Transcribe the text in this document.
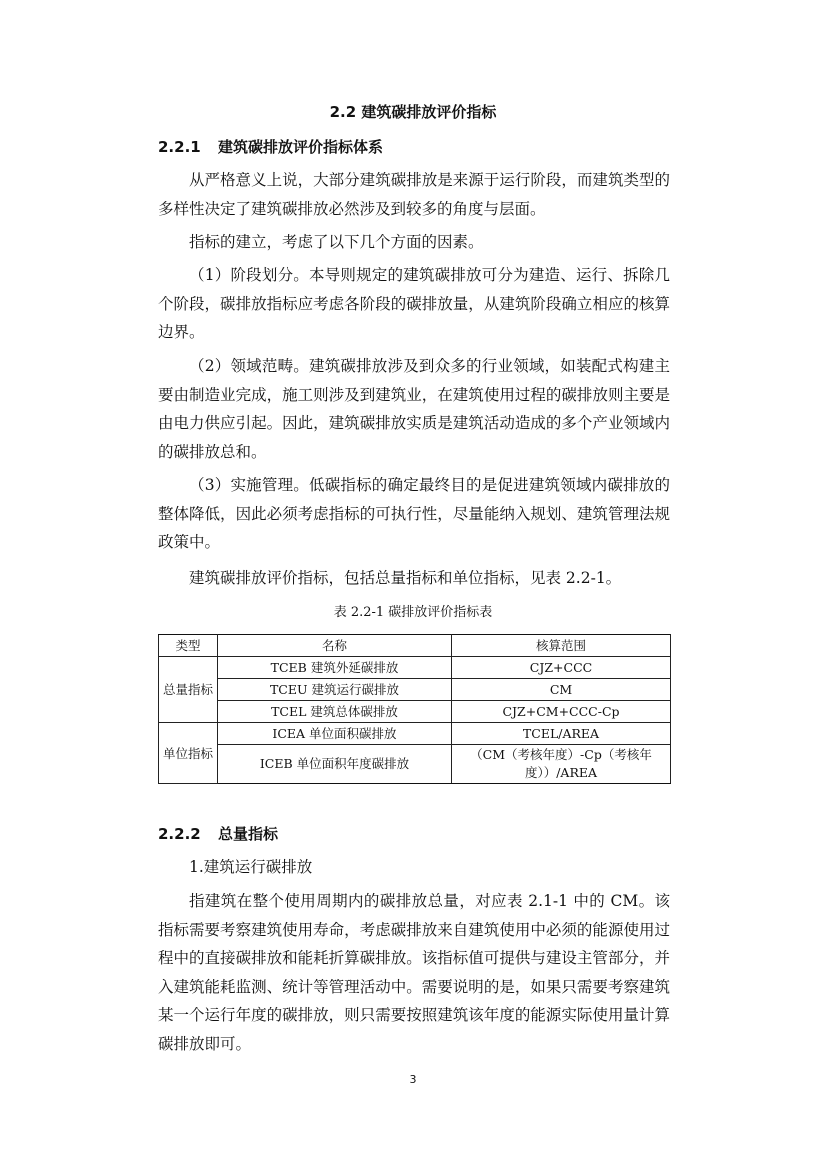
2.2 建筑碳排放评价指标
2.2.1 建筑碳排放评价指标体系

从严格意义上说，大部分建筑碳排放是来源于运行阶段，而建筑类型的多样性决定了建筑碳排放必然涉及到较多的角度与层面。

指标的建立，考虑了以下几个方面的因素。

（1）阶段划分。本导则规定的建筑碳排放可分为建造、运行、拆除几个阶段，碳排放指标应考虑各阶段的碳排放量，从建筑阶段确立相应的核算边界。

（2）领域范畴。建筑碳排放涉及到众多的行业领域，如装配式构建主要由制造业完成，施工则涉及到建筑业，在建筑使用过程的碳排放则主要是由电力供应引起。因此，建筑碳排放实质是建筑活动造成的多个产业领域内的碳排放总和。

（3）实施管理。低碳指标的确定最终目的是促进建筑领域内碳排放的整体降低，因此必须考虑指标的可执行性，尽量能纳入规划、建筑管理法规政策中。

建筑碳排放评价指标，包括总量指标和单位指标，见表 2.2-1。

表 2.2-1 碳排放评价指标表
类型	名称	核算范围
总量指标	TCEB 建筑外延碳排放	CJZ+CCC
	TCEU 建筑运行碳排放	CM
	TCEL 建筑总体碳排放	CJZ+CM+CCC-Cp
单位指标	ICEA 单位面积碳排放	TCEL/AREA
	ICEB 单位面积年度碳排放	（CM（考核年度）-Cp（考核年度））/AREA
2.2.2 总量指标

1.建筑运行碳排放

指建筑在整个使用周期内的碳排放总量，对应表 2.1-1 中的 CM。该指标需要考察建筑使用寿命，考虑碳排放来自建筑使用中必须的能源使用过程中的直接碳排放和能耗折算碳排放。该指标值可提供与建设主管部分，并入建筑能耗监测、统计等管理活动中。需要说明的是，如果只需要考察建筑某一个运行年度的碳排放，则只需要按照建筑该年度的能源实际使用量计算碳排放即可。

3
